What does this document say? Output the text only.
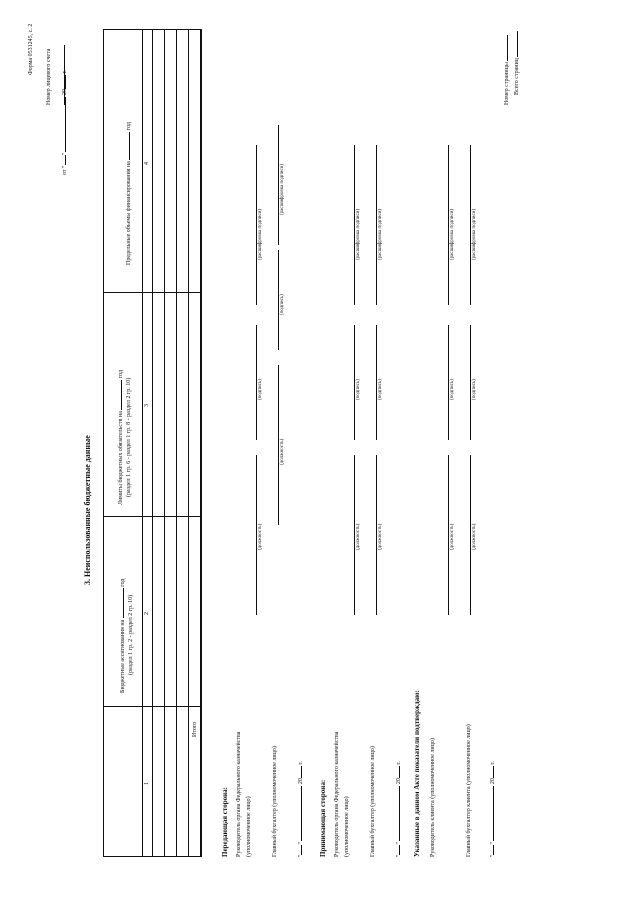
Форма 0531245, с. 2 Номер лицевого счета
от ""  20 г.
3. Неиспользованные бюджетные данные
Бюджетные ассигнования на  год
(раздел 1 гр. 2 - раздел 2 гр. 10)
Лимиты бюджетных обязательств на  год
(раздел 1 гр. 6 - раздел 1 гр. 8 - раздел 2 гр. 10)
Предельные объемы финансирования на  год
1
2
3
4
Итого
Передающая сторона: Руководитель органа Федерального казначейства (уполномоченное лицо)
(должность)
(подпись)
(расшифровка подписи)
Главный бухгалтер (уполномоченное лицо)
(должность)
(подпись)
(расшифровка подписи)
""  20 г.
Принимающая сторона: Руководитель органа Федерального казначейства (уполномоченное лицо)
(должность)
(подпись)
(расшифровка подписи)
Главный бухгалтер (уполномоченное лицо)
(должность)
(подпись)
(расшифровка подписи)
""  20 г. Указанные в данном Акте показатели подтверждаю: Руководитель клиента (уполномоченное лицо)
(должность)
(подпись)
(расшифровка подписи)
Главный бухгалтер клиента (уполномоченное лицо)
(должность)
(подпись)
(расшифровка подписи)
""  20 г.
Номер страницы Всего страниц
